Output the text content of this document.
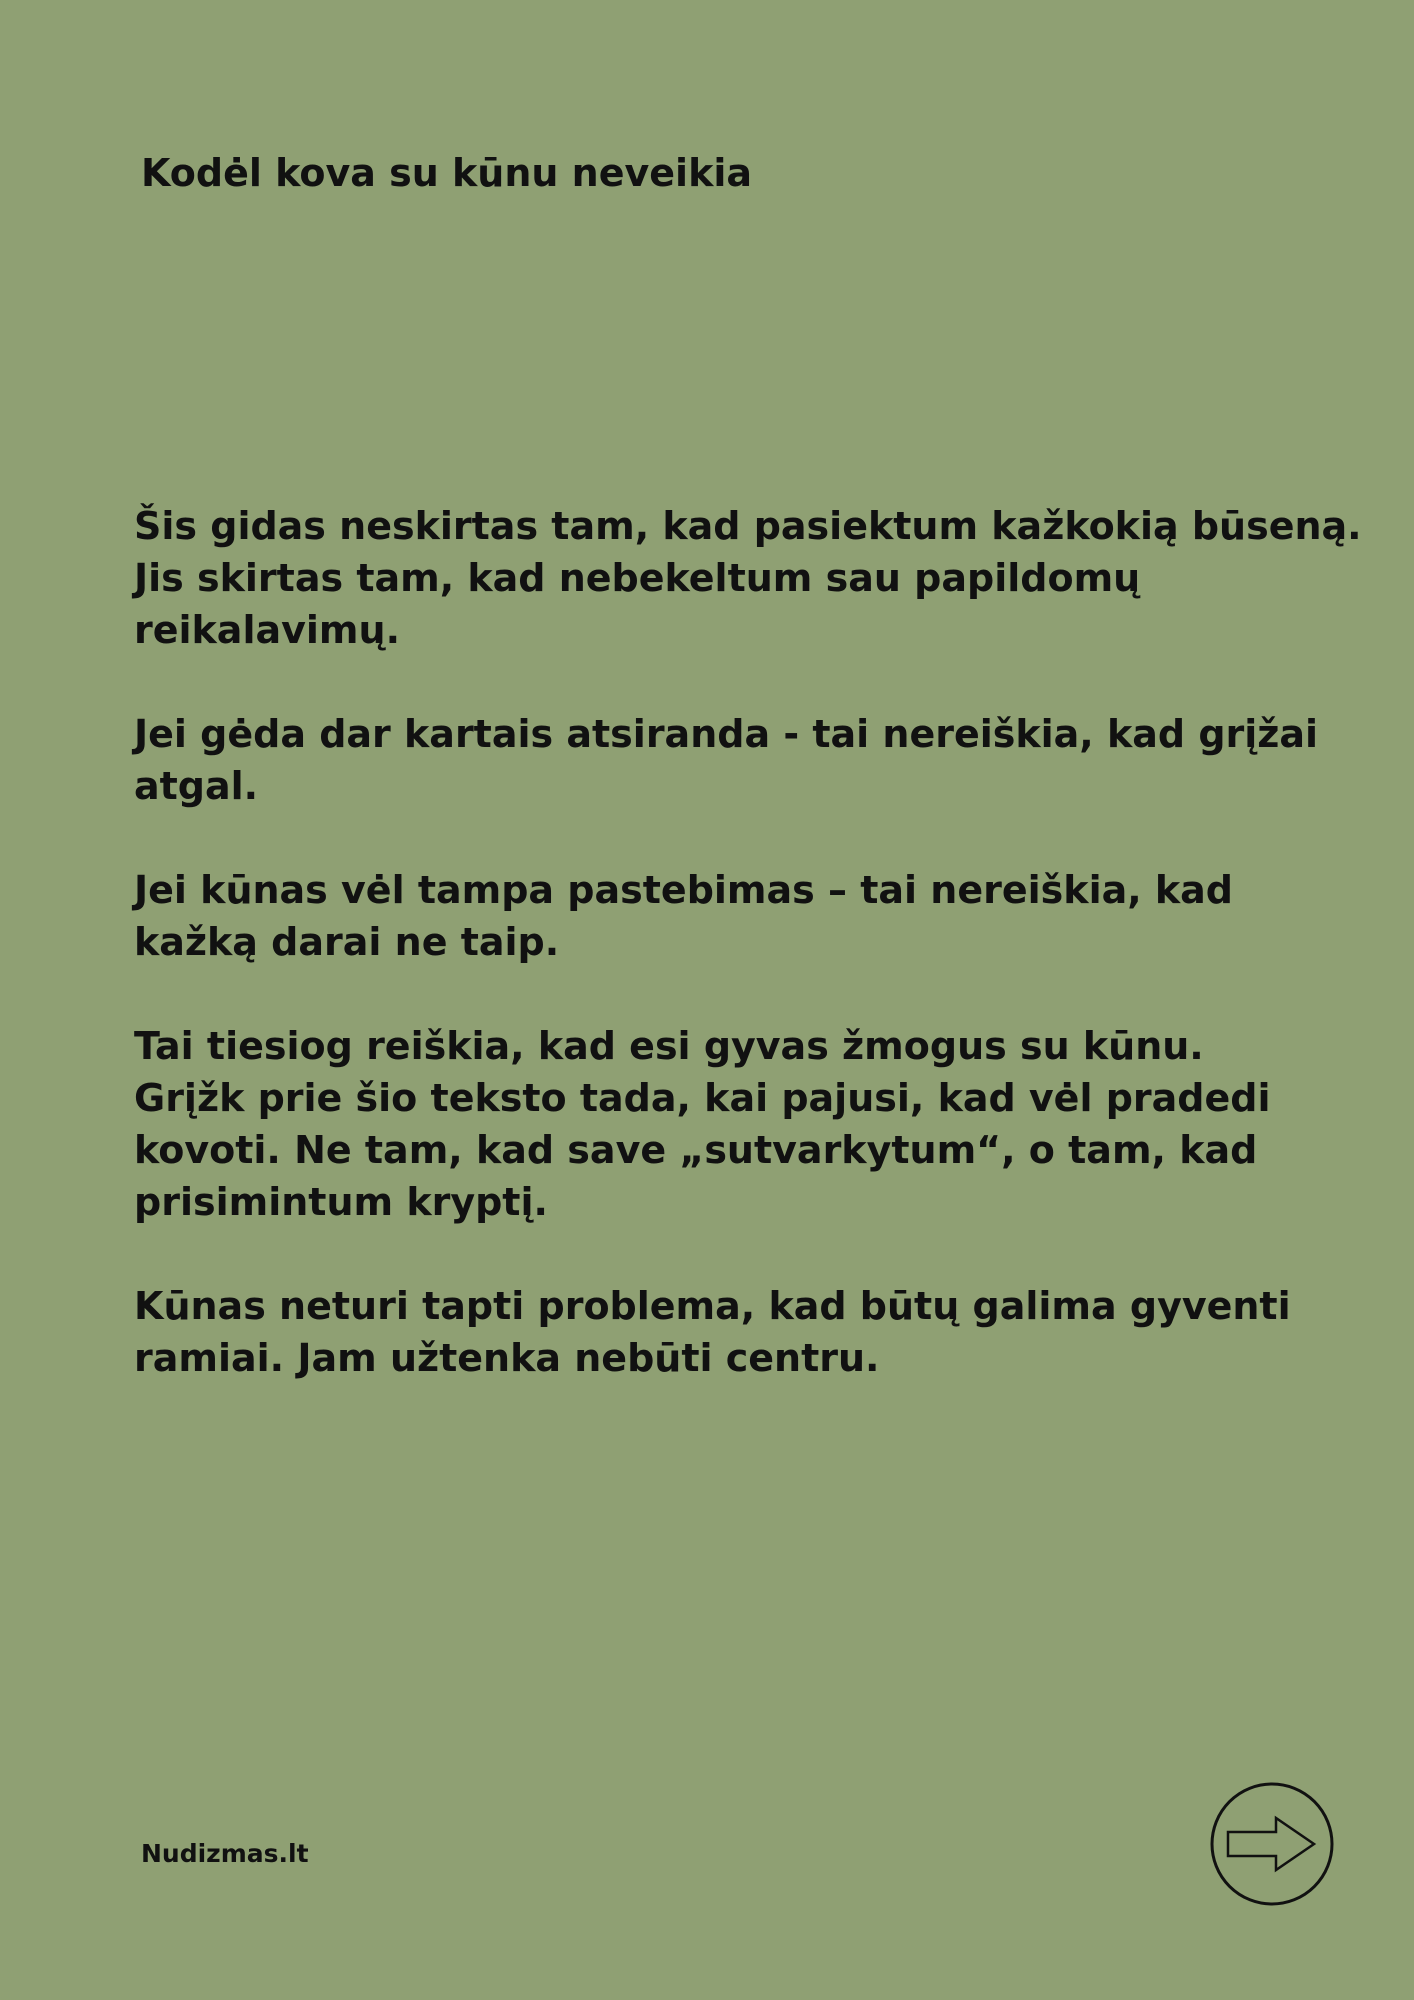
Kodėl kova su kūnu neveikia

Šis gidas neskirtas tam, kad pasiektum kažkokią būseną.
Jis skirtas tam, kad nebekeltum sau papildomų
reikalavimų.

Jei gėda dar kartais atsiranda - tai nereiškia, kad grįžai
atgal.

Jei kūnas vėl tampa pastebimas – tai nereiškia, kad
kažką darai ne taip.

Tai tiesiog reiškia, kad esi gyvas žmogus su kūnu.
Grįžk prie šio teksto tada, kai pajusi, kad vėl pradedi
kovoti. Ne tam, kad save „sutvarkytum“, o tam, kad
prisimintum kryptį.

Kūnas neturi tapti problema, kad būtų galima gyventi
ramiai. Jam užtenka nebūti centru.

Nudizmas.lt
